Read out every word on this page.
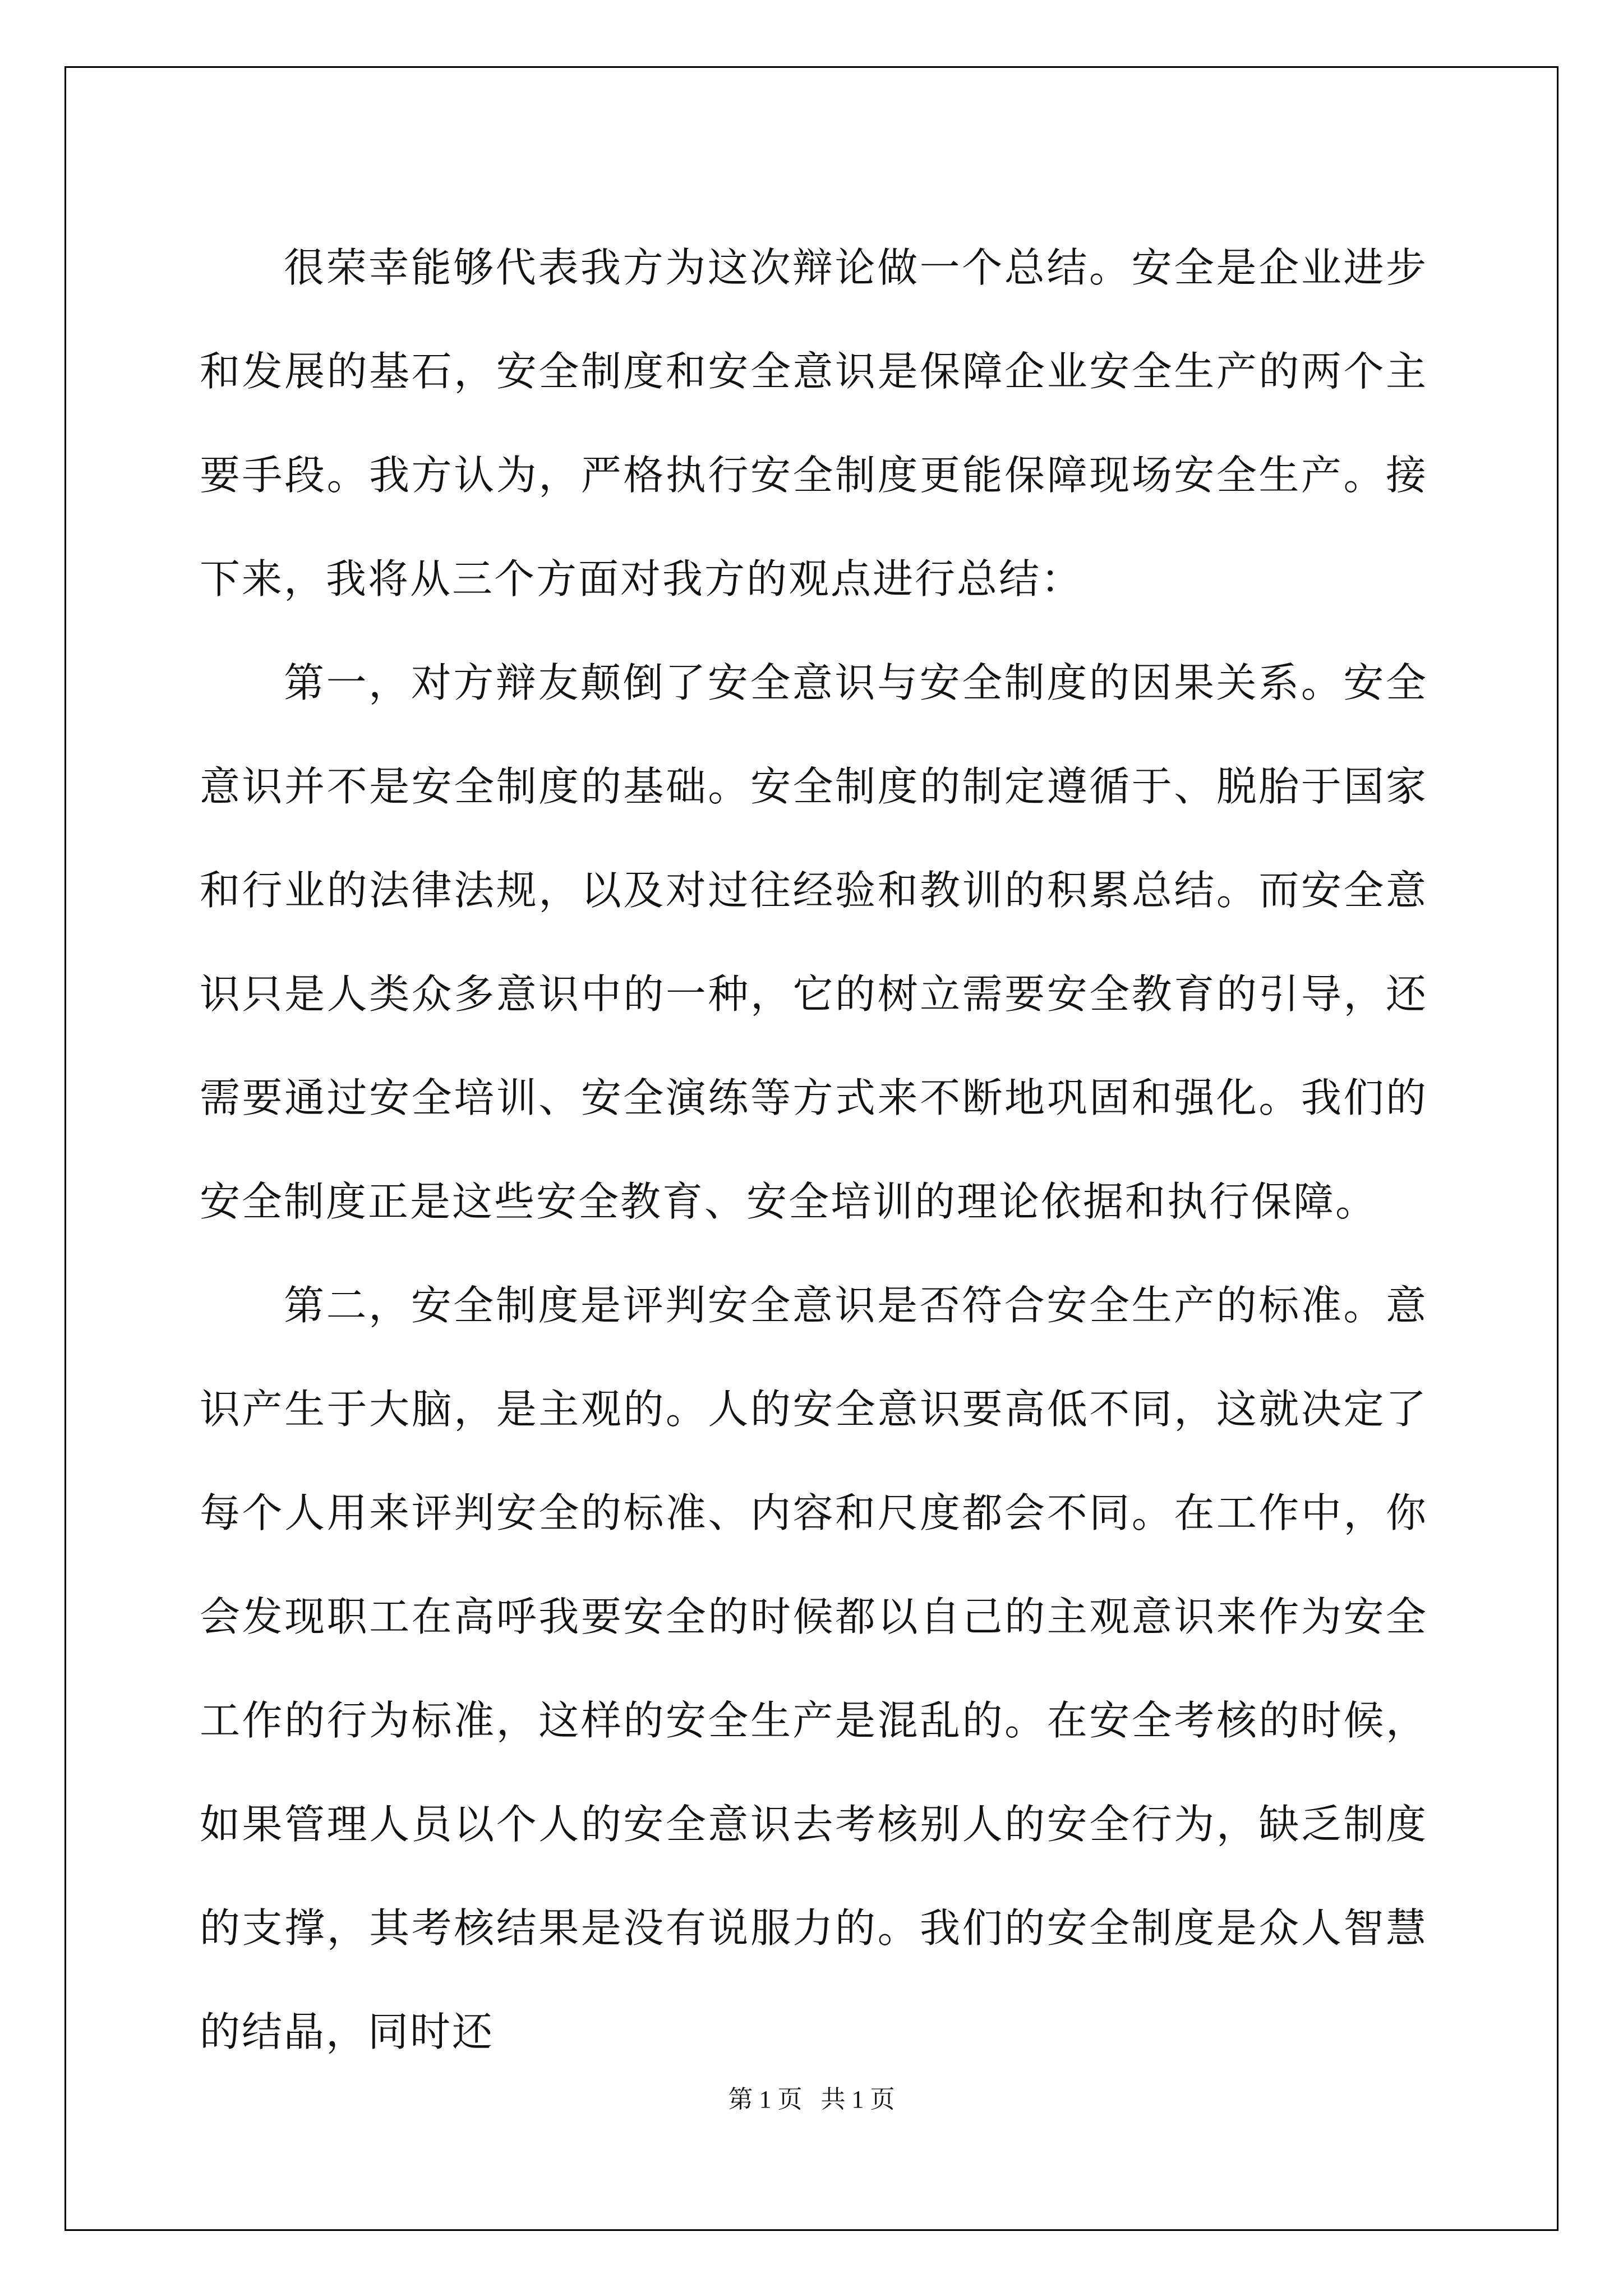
很荣幸能够代表我方为这次辩论做一个总结。安全是企业进步和发展的基石，安全制度和安全意识是保障企业安全生产的两个主要手段。我方认为，严格执行安全制度更能保障现场安全生产。接下来，我将从三个方面对我方的观点进行总结：

第一，对方辩友颠倒了安全意识与安全制度的因果关系。安全意识并不是安全制度的基础。安全制度的制定遵循于、脱胎于国家和行业的法律法规，以及对过往经验和教训的积累总结。而安全意识只是人类众多意识中的一种，它的树立需要安全教育的引导，还需要通过安全培训、安全演练等方式来不断地巩固和强化。我们的安全制度正是这些安全教育、安全培训的理论依据和执行保障。

第二，安全制度是评判安全意识是否符合安全生产的标准。意识产生于大脑，是主观的。人的安全意识要高低不同，这就决定了每个人用来评判安全的标准、内容和尺度都会不同。在工作中，你会发现职工在高呼我要安全的时候都以自己的主观意识来作为安全工作的行为标准，这样的安全生产是混乱的。在安全考核的时候，如果管理人员以个人的安全意识去考核别人的安全行为，缺乏制度的支撑，其考核结果是没有说服力的。我们的安全制度是众人智慧的结晶，同时还

第 1 页   共 1 页
